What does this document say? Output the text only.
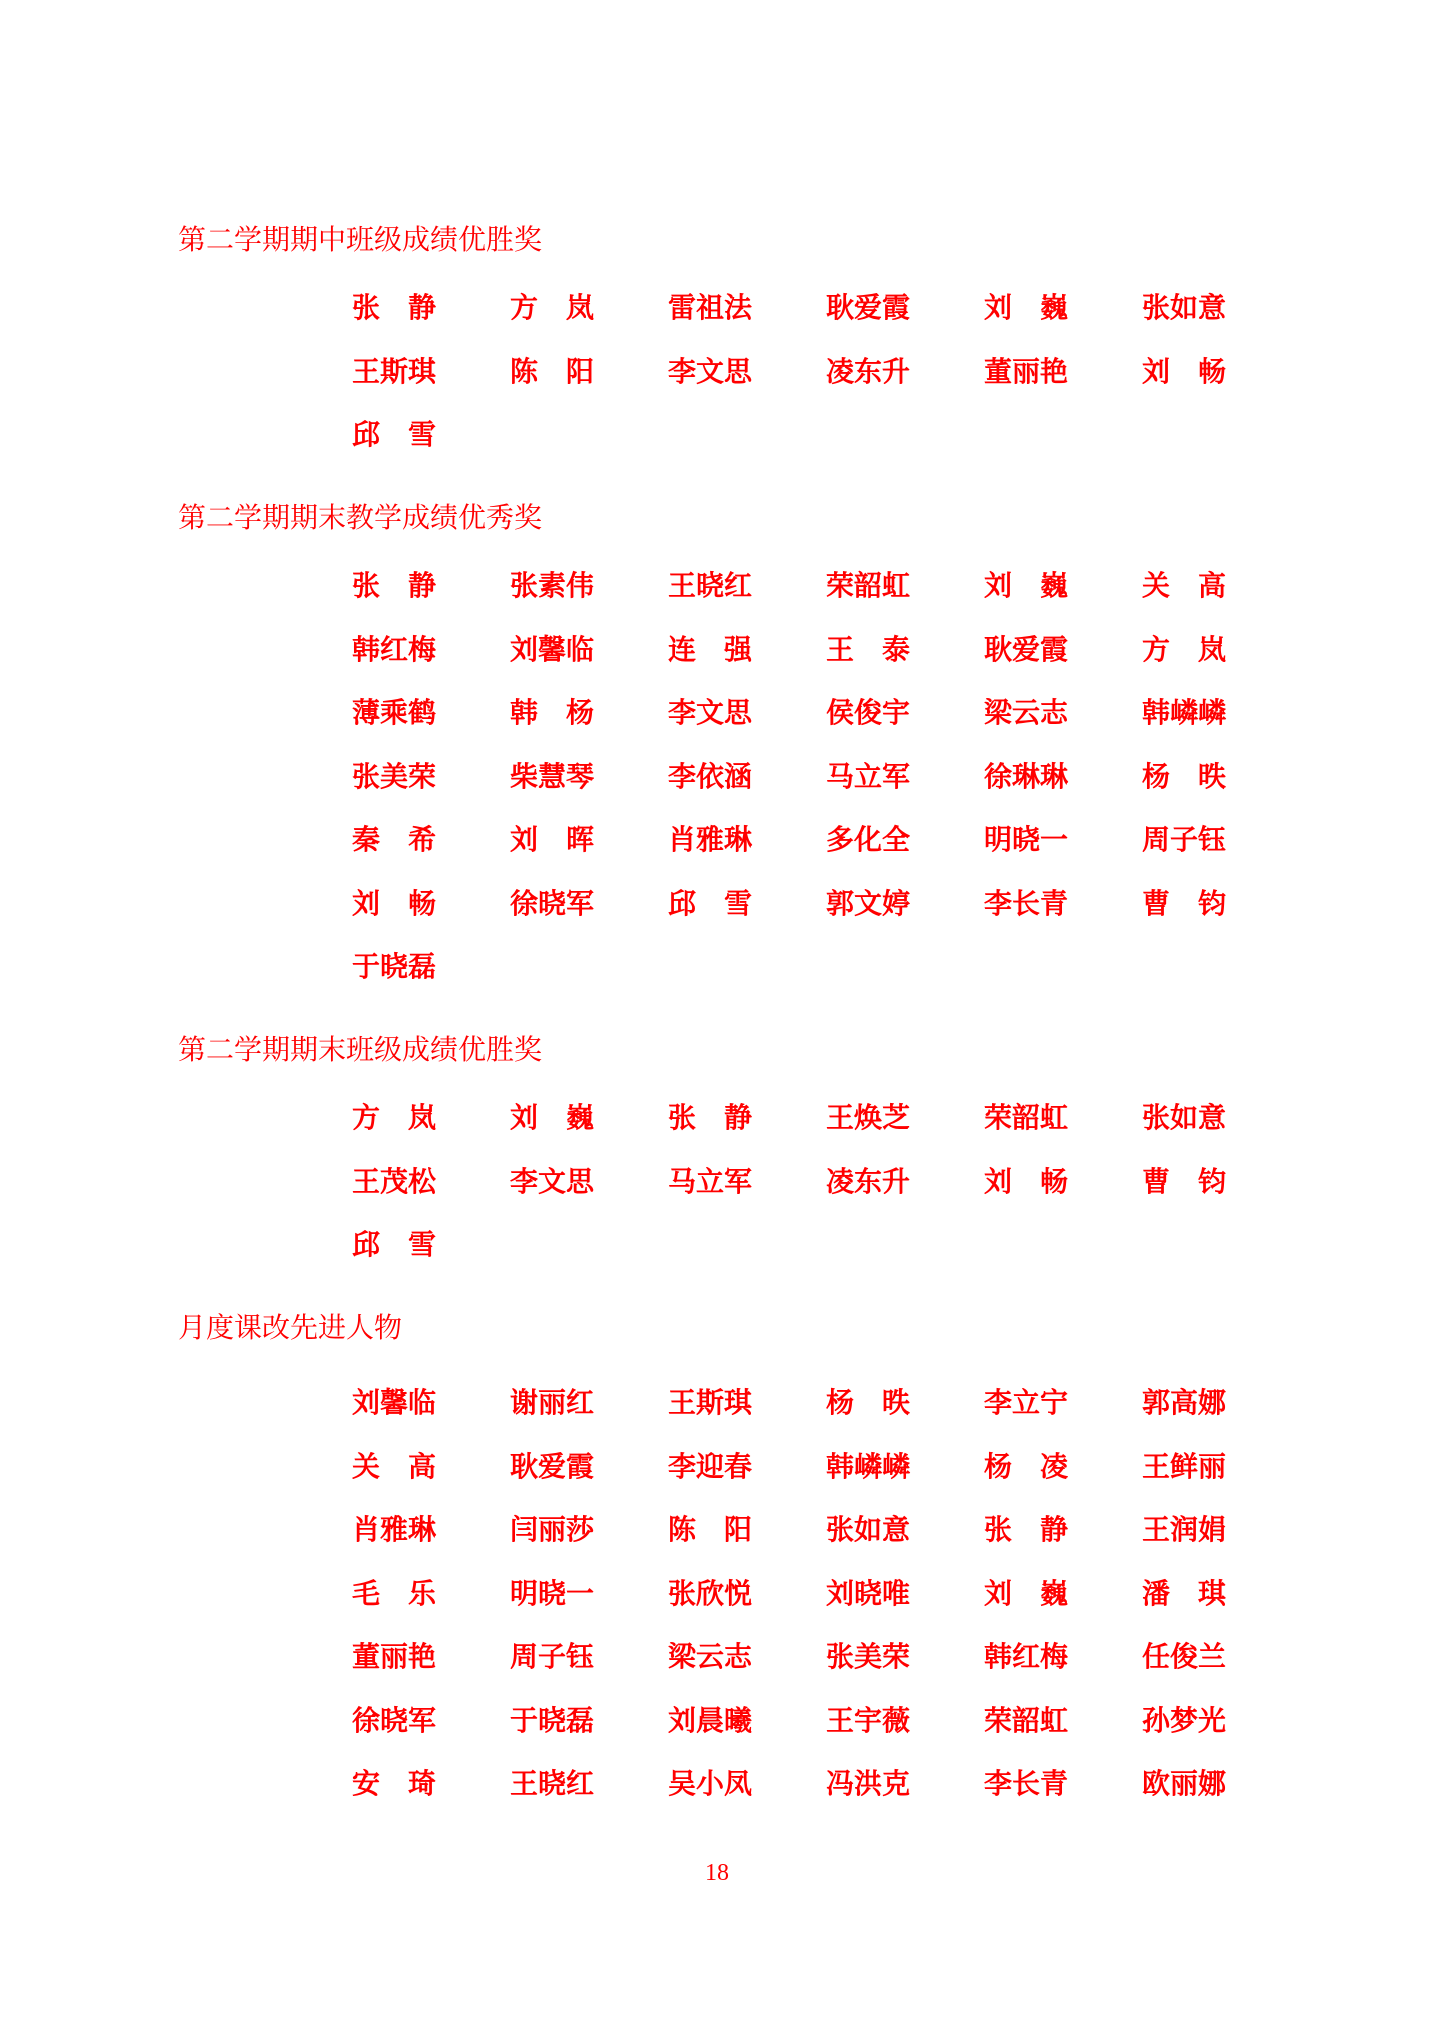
第二学期期中班级成绩优胜奖
张　静	方　岚	雷祖法	耿爱霞	刘　巍	张如意
王斯琪	陈　阳	李文思	凌东升	董丽艳	刘　畅
邱　雪
第二学期期末教学成绩优秀奖
张　静	张素伟	王晓红	荣韶虹	刘　巍	关　高
韩红梅	刘馨临	连　强	王　泰	耿爱霞	方　岚
薄乘鹤	韩　杨	李文思	侯俊宇	梁云志	韩嶙嶙
张美荣	柴慧琴	李依涵	马立军	徐琳琳	杨　昳
秦　希	刘　晖	肖雅琳	多化全	明晓一	周子钰
刘　畅	徐晓军	邱　雪	郭文婷	李长青	曹　钧
于晓磊
第二学期期末班级成绩优胜奖
方　岚	刘　巍	张　静	王焕芝	荣韶虹	张如意
王茂松	李文思	马立军	凌东升	刘　畅	曹　钧
邱　雪
月度课改先进人物
刘馨临	谢丽红	王斯琪	杨　昳	李立宁	郭高娜
关　高	耿爱霞	李迎春	韩嶙嶙	杨　凌	王鲜丽
肖雅琳	闫丽莎	陈　阳	张如意	张　静	王润娟
毛　乐	明晓一	张欣悦	刘晓唯	刘　巍	潘　琪
董丽艳	周子钰	梁云志	张美荣	韩红梅	任俊兰
徐晓军	于晓磊	刘晨曦	王宇薇	荣韶虹	孙梦光
安　琦	王晓红	吴小凤	冯洪克	李长青	欧丽娜
18
